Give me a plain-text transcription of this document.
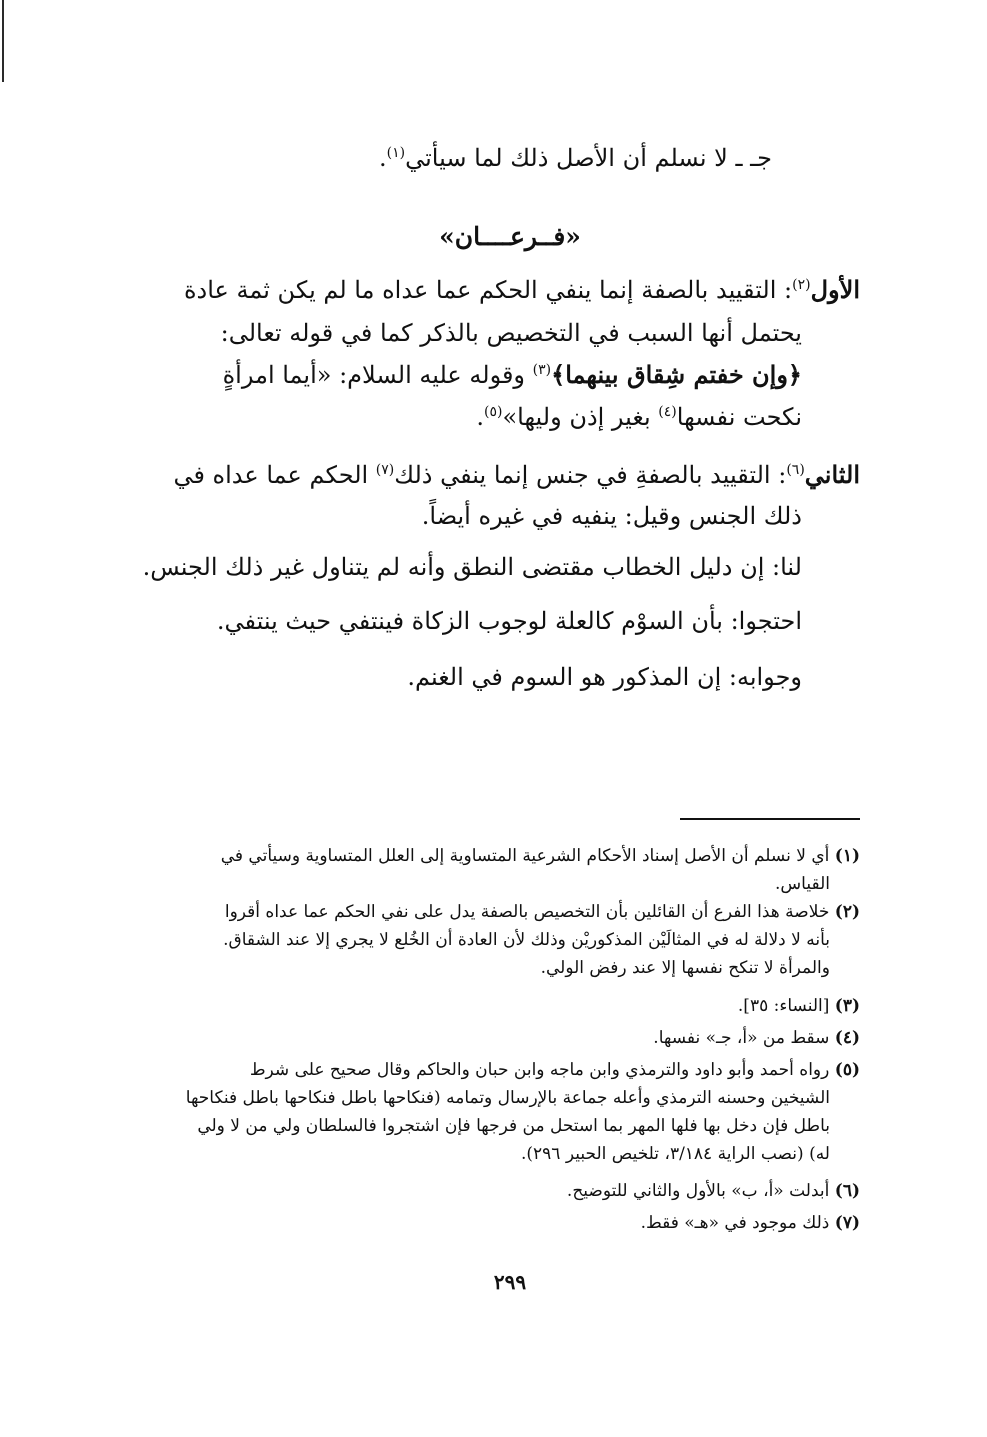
جـ ـ لا نسلم أن الأصل ذلك لما سيأتي$^{(١)}$.
«فــرعــــان»
الأول$^{(٢)}$: التقييد بالصفة إنما ينفي الحكم عما عداه ما لم يكن ثمة عادة
يحتمل أنها السبب في التخصيص بالذكر كما في قوله تعالى:
﴿وإن خفتم شِقاق بينهما﴾$^{(٣)}$ وقوله عليه السلام: «أيما امرأةٍ
نكحت نفسها$^{(٤)}$ بغير إذن وليها»$^{(٥)}$.
الثاني$^{(٦)}$: التقييد بالصفةِ في جنس إنما ينفي ذلك$^{(٧)}$ الحكم عما عداه في
ذلك الجنس وقيل: ينفيه في غيره أيضاً.
لنا: إن دليل الخطاب مقتضى النطق وأنه لم يتناول غير ذلك الجنس.
احتجوا: بأن السوْم كالعلة لوجوب الزكاة فينتفي حيث ينتفي.
وجوابه: إن المذكور هو السوم في الغنم.
(١) أي لا نسلم أن الأصل إسناد الأحكام الشرعية المتساوية إلى العلل المتساوية وسيأتي في
القياس.
(٢) خلاصة هذا الفرع أن القائلين بأن التخصيص بالصفة يدل على نفي الحكم عما عداه أقروا
بأنه لا دلالة له في المثالَيْن المذكوريْن وذلك لأن العادة أن الخُلع لا يجري إلا عند الشقاق.
والمرأة لا تنكح نفسها إلا عند رفض الولي.
(٣) [النساء: ٣٥].
(٤) سقط من «أ، جـ» نفسها.
(٥) رواه أحمد وأبو داود والترمذي وابن ماجه وابن حبان والحاكم وقال صحيح على شرط
الشيخين وحسنه الترمذي وأعله جماعة بالإرسال وتمامه (فنكاحها باطل فنكاحها باطل فنكاحها
باطل فإن دخل بها فلها المهر بما استحل من فرجها فإن اشتجروا فالسلطان ولي من لا ولي
له) (نصب الراية ٣/١٨٤، تلخيص الحبير ٢٩٦).
(٦) أبدلت «أ، ب» بالأول والثاني للتوضيح.
(٧) ذلك موجود في «هـ» فقط.
٢٩٩
